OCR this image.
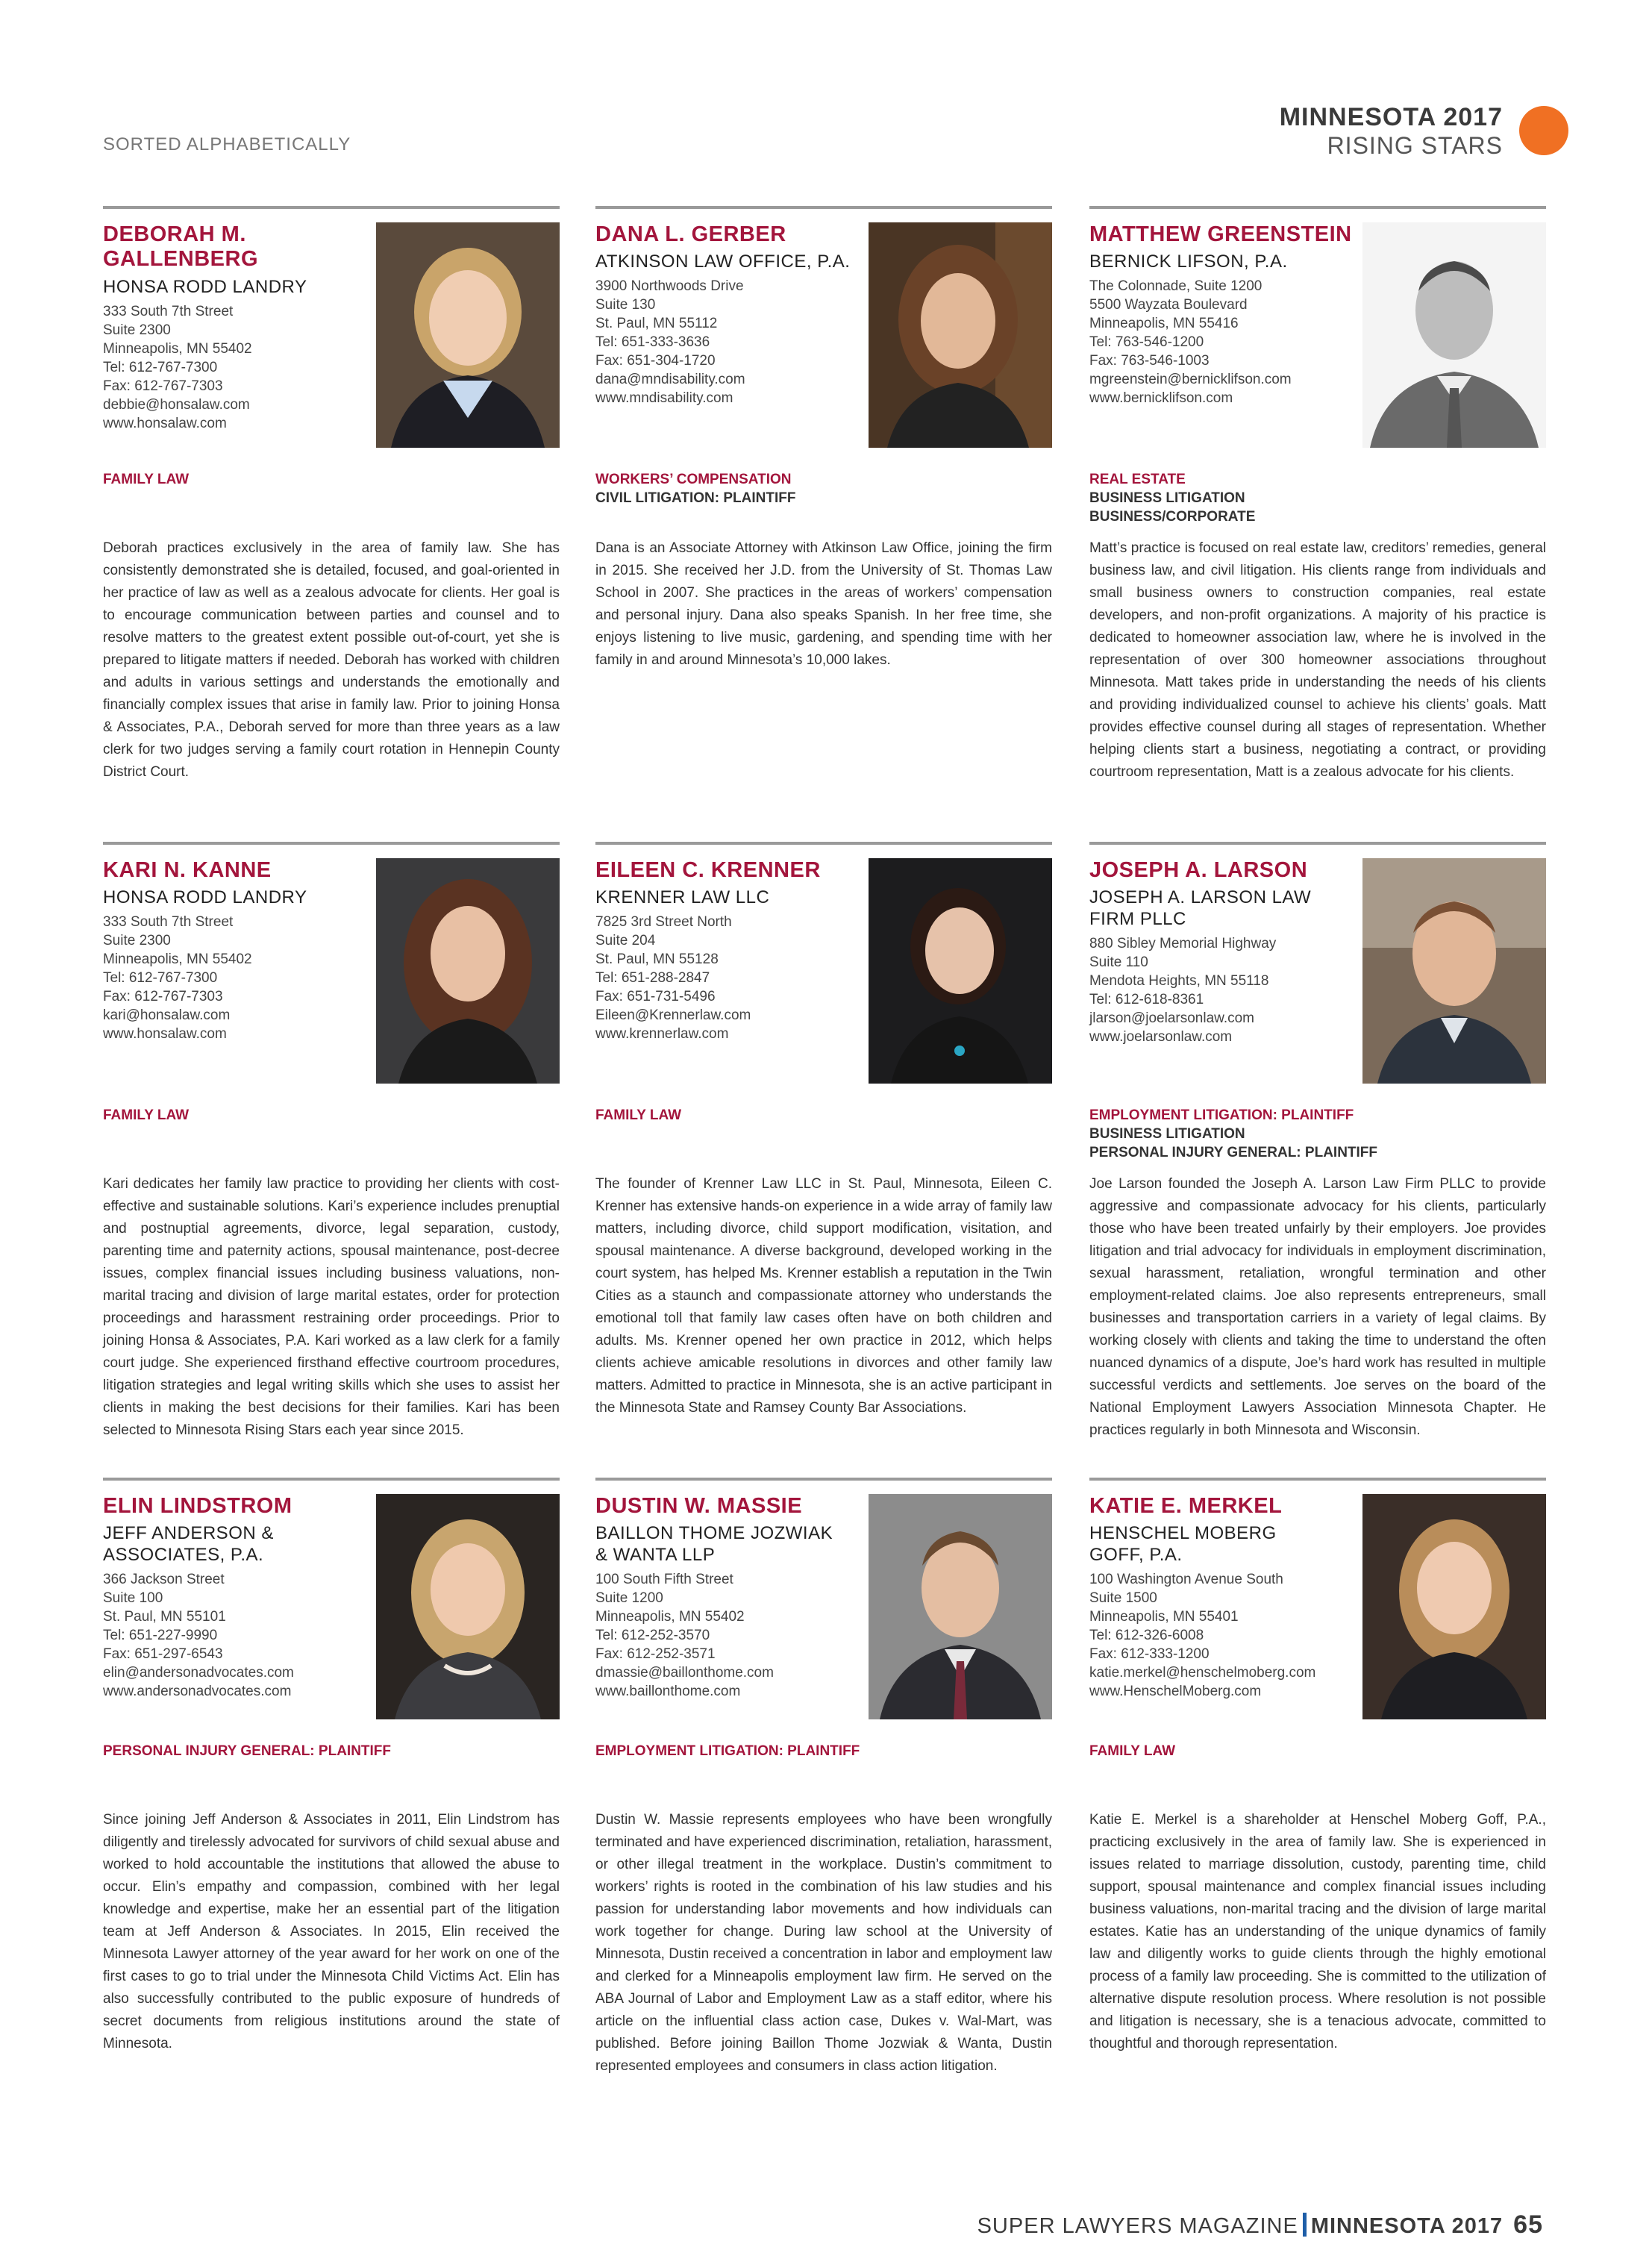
SORTED ALPHABETICALLY
MINNESOTA 2017
RISING STARS
DEBORAH M. GALLENBERG
HONSA RODD LANDRY
333 South 7th Street
Suite 2300
Minneapolis, MN 55402
Tel: 612-767-7300
Fax: 612-767-7303
debbie@honsalaw.com
www.honsalaw.com
FAMILY LAW
Deborah practices exclusively in the area of family law. She has consistently demonstrated she is detailed, focused, and goal-oriented in her practice of law as well as a zealous advocate for clients. Her goal is to encourage communication between parties and counsel and to resolve matters to the greatest extent possible out-of-court, yet she is prepared to litigate matters if needed. Deborah has worked with children and adults in various settings and understands the emotionally and financially complex issues that arise in family law. Prior to joining Honsa & Associates, P.A., Deborah served for more than three years as a law clerk for two judges serving a family court rotation in Hennepin County District Court.
DANA L. GERBER
ATKINSON LAW OFFICE, P.A.
3900 Northwoods Drive
Suite 130
St. Paul, MN 55112
Tel: 651-333-3636
Fax: 651-304-1720
dana@mndisability.com
www.mndisability.com
WORKERS’ COMPENSATION
CIVIL LITIGATION: PLAINTIFF
Dana is an Associate Attorney with Atkinson Law Office, joining the firm in 2015. She received her J.D. from the University of St. Thomas Law School in 2007. She practices in the areas of workers’ compensation and personal injury. Dana also speaks Spanish. In her free time, she enjoys listening to live music, gardening, and spending time with her family in and around Minnesota’s 10,000 lakes.
MATTHEW GREENSTEIN
BERNICK LIFSON, P.A.
The Colonnade, Suite 1200
5500 Wayzata Boulevard
Minneapolis, MN 55416
Tel: 763-546-1200
Fax: 763-546-1003
mgreenstein@bernicklifson.com
www.bernicklifson.com
REAL ESTATE
BUSINESS LITIGATION
BUSINESS/CORPORATE
Matt’s practice is focused on real estate law, creditors’ remedies, general business law, and civil litigation. His clients range from individuals and small business owners to construction companies, real estate developers, and non-profit organizations. A majority of his practice is dedicated to homeowner association law, where he is involved in the representation of over 300 homeowner associations throughout Minnesota. Matt takes pride in understanding the needs of his clients and providing individualized counsel to achieve his clients’ goals. Matt provides effective counsel during all stages of representation. Whether helping clients start a business, negotiating a contract, or providing courtroom representation, Matt is a zealous advocate for his clients.
KARI N. KANNE
HONSA RODD LANDRY
333 South 7th Street
Suite 2300
Minneapolis, MN 55402
Tel: 612-767-7300
Fax: 612-767-7303
kari@honsalaw.com
www.honsalaw.com
FAMILY LAW
Kari dedicates her family law practice to providing her clients with cost-effective and sustainable solutions. Kari’s experience includes prenuptial and postnuptial agreements, divorce, legal separation, custody, parenting time and paternity actions, spousal maintenance, post-decree issues, complex financial issues including business valuations, non-marital tracing and division of large marital estates, order for protection proceedings and harassment restraining order proceedings. Prior to joining Honsa & Associates, P.A. Kari worked as a law clerk for a family court judge. She experienced firsthand effective courtroom procedures, litigation strategies and legal writing skills which she uses to assist her clients in making the best decisions for their families. Kari has been selected to Minnesota Rising Stars each year since 2015.
EILEEN C. KRENNER
KRENNER LAW LLC
7825 3rd Street North
Suite 204
St. Paul, MN 55128
Tel: 651-288-2847
Fax: 651-731-5496
Eileen@Krennerlaw.com
www.krennerlaw.com
FAMILY LAW
The founder of Krenner Law LLC in St. Paul, Minnesota, Eileen C. Krenner has extensive hands-on experience in a wide array of family law matters, including divorce, child support modification, visitation, and spousal maintenance. A diverse background, developed working in the court system, has helped Ms. Krenner establish a reputation in the Twin Cities as a staunch and compassionate attorney who understands the emotional toll that family law cases often have on both children and adults. Ms. Krenner opened her own practice in 2012, which helps clients achieve amicable resolutions in divorces and other family law matters. Admitted to practice in Minnesota, she is an active participant in the Minnesota State and Ramsey County Bar Associations.
JOSEPH A. LARSON
JOSEPH A. LARSON LAW FIRM PLLC
880 Sibley Memorial Highway
Suite 110
Mendota Heights, MN 55118
Tel: 612-618-8361
jlarson@joelarsonlaw.com
www.joelarsonlaw.com
EMPLOYMENT LITIGATION: PLAINTIFF
BUSINESS LITIGATION
PERSONAL INJURY GENERAL: PLAINTIFF
Joe Larson founded the Joseph A. Larson Law Firm PLLC to provide aggressive and compassionate advocacy for his clients, particularly those who have been treated unfairly by their employers. Joe provides litigation and trial advocacy for individuals in employment discrimination, sexual harassment, retaliation, wrongful termination and other employment-related claims. Joe also represents entrepreneurs, small businesses and transportation carriers in a variety of legal claims. By working closely with clients and taking the time to understand the often nuanced dynamics of a dispute, Joe’s hard work has resulted in multiple successful verdicts and settlements. Joe serves on the board of the National Employment Lawyers Association Minnesota Chapter. He practices regularly in both Minnesota and Wisconsin.
ELIN LINDSTROM
JEFF ANDERSON & ASSOCIATES, P.A.
366 Jackson Street
Suite 100
St. Paul, MN 55101
Tel: 651-227-9990
Fax: 651-297-6543
elin@andersonadvocates.com
www.andersonadvocates.com
PERSONAL INJURY GENERAL: PLAINTIFF
Since joining Jeff Anderson & Associates in 2011, Elin Lindstrom has diligently and tirelessly advocated for survivors of child sexual abuse and worked to hold accountable the institutions that allowed the abuse to occur. Elin’s empathy and compassion, combined with her legal knowledge and expertise, make her an essential part of the litigation team at Jeff Anderson & Associates. In 2015, Elin received the Minnesota Lawyer attorney of the year award for her work on one of the first cases to go to trial under the Minnesota Child Victims Act. Elin has also successfully contributed to the public exposure of hundreds of secret documents from religious institutions around the state of Minnesota.
DUSTIN W. MASSIE
BAILLON THOME JOZWIAK & WANTA LLP
100 South Fifth Street
Suite 1200
Minneapolis, MN 55402
Tel: 612-252-3570
Fax: 612-252-3571
dmassie@baillonthome.com
www.baillonthome.com
EMPLOYMENT LITIGATION: PLAINTIFF
Dustin W. Massie represents employees who have been wrongfully terminated and have experienced discrimination, retaliation, harassment, or other illegal treatment in the workplace. Dustin’s commitment to workers’ rights is rooted in the combination of his law studies and his passion for understanding labor movements and how individuals can work together for change. During law school at the University of Minnesota, Dustin received a concentration in labor and employment law and clerked for a Minneapolis employment law firm. He served on the ABA Journal of Labor and Employment Law as a staff editor, where his article on the influential class action case, Dukes v. Wal-Mart, was published. Before joining Baillon Thome Jozwiak & Wanta, Dustin represented employees and consumers in class action litigation.
KATIE E. MERKEL
HENSCHEL MOBERG GOFF, P.A.
100 Washington Avenue South
Suite 1500
Minneapolis, MN 55401
Tel: 612-326-6008
Fax: 612-333-1200
katie.merkel@henschelmoberg.com
www.HenschelMoberg.com
FAMILY LAW
Katie E. Merkel is a shareholder at Henschel Moberg Goff, P.A., practicing exclusively in the area of family law. She is experienced in issues related to marriage dissolution, custody, parenting time, child support, spousal maintenance and complex financial issues including business valuations, non-marital tracing and the division of large marital estates. Katie has an understanding of the unique dynamics of family law and diligently works to guide clients through the highly emotional process of a family law proceeding. She is committed to the utilization of alternative dispute resolution process. Where resolution is not possible and litigation is necessary, she is a tenacious advocate, committed to thoughtful and thorough representation.
SUPER LAWYERS MAGAZINE MINNESOTA 2017 65
